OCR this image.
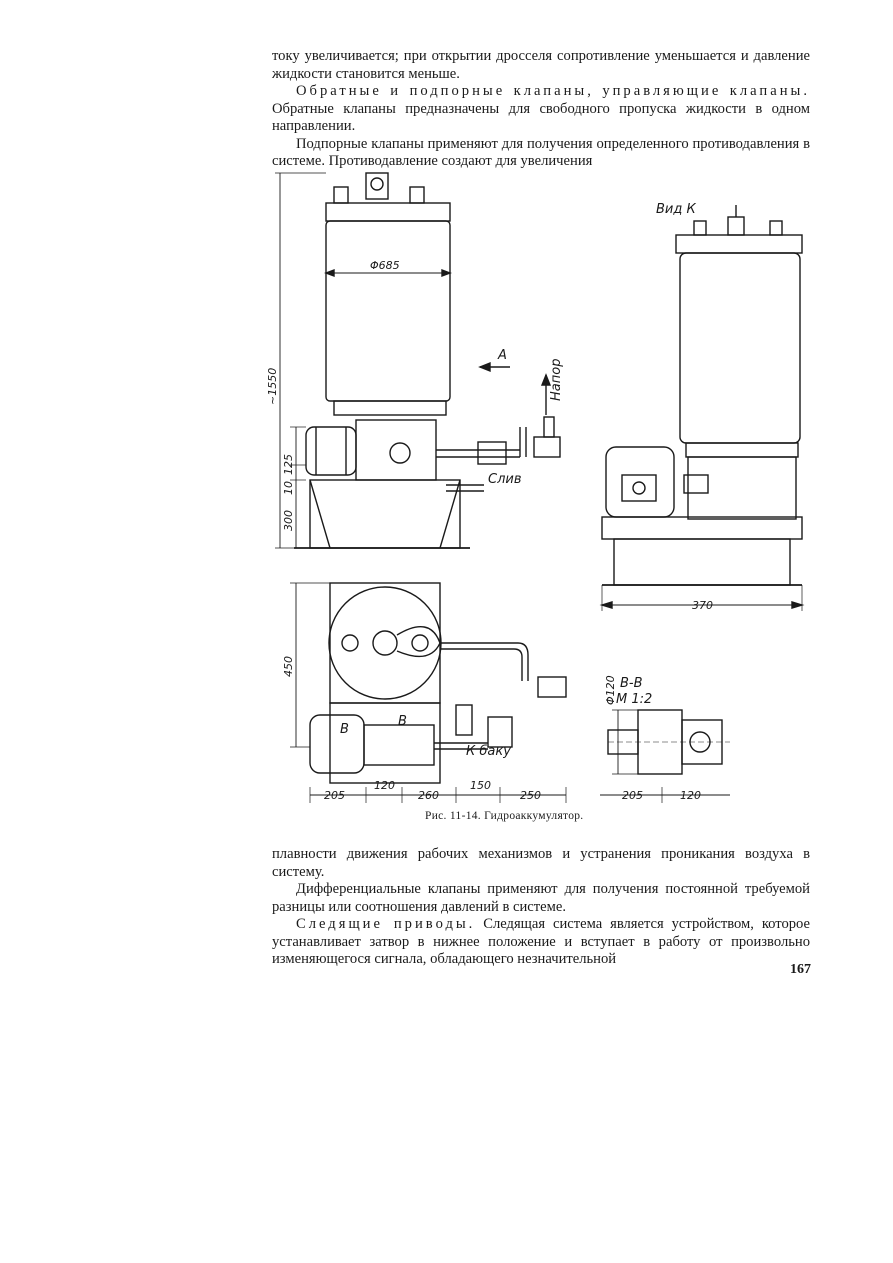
току увеличивается; при открытии дросселя сопротивление уменьшается и давление жидкости становится меньше.

Обратные и подпорные клапаны, управляющие клапаны. Обратные клапаны предназначены для свободного пропуска жидкости в одном направлении.

Подпорные клапаны применяют для получения определенного противодавления в системе. Противодавление создают для увеличения

Вид К
А
Напор
Слив
К баку
В-В
М 1:2
В
В
Φ685
~1550
125
10
300
370
450
205
120
260
150
250
Φ120
205	120
Рис. 11-14. Гидроаккумулятор.

плавности движения рабочих механизмов и устранения проникания воздуха в систему.

Дифференциальные клапаны применяют для получения постоянной требуемой разницы или соотношения давлений в системе.

Следящие приводы. Следящая система является устройством, которое устанавливает затвор в нижнее положение и вступает в работу от произвольно изменяющегося сигнала, обладающего незначительной

167
